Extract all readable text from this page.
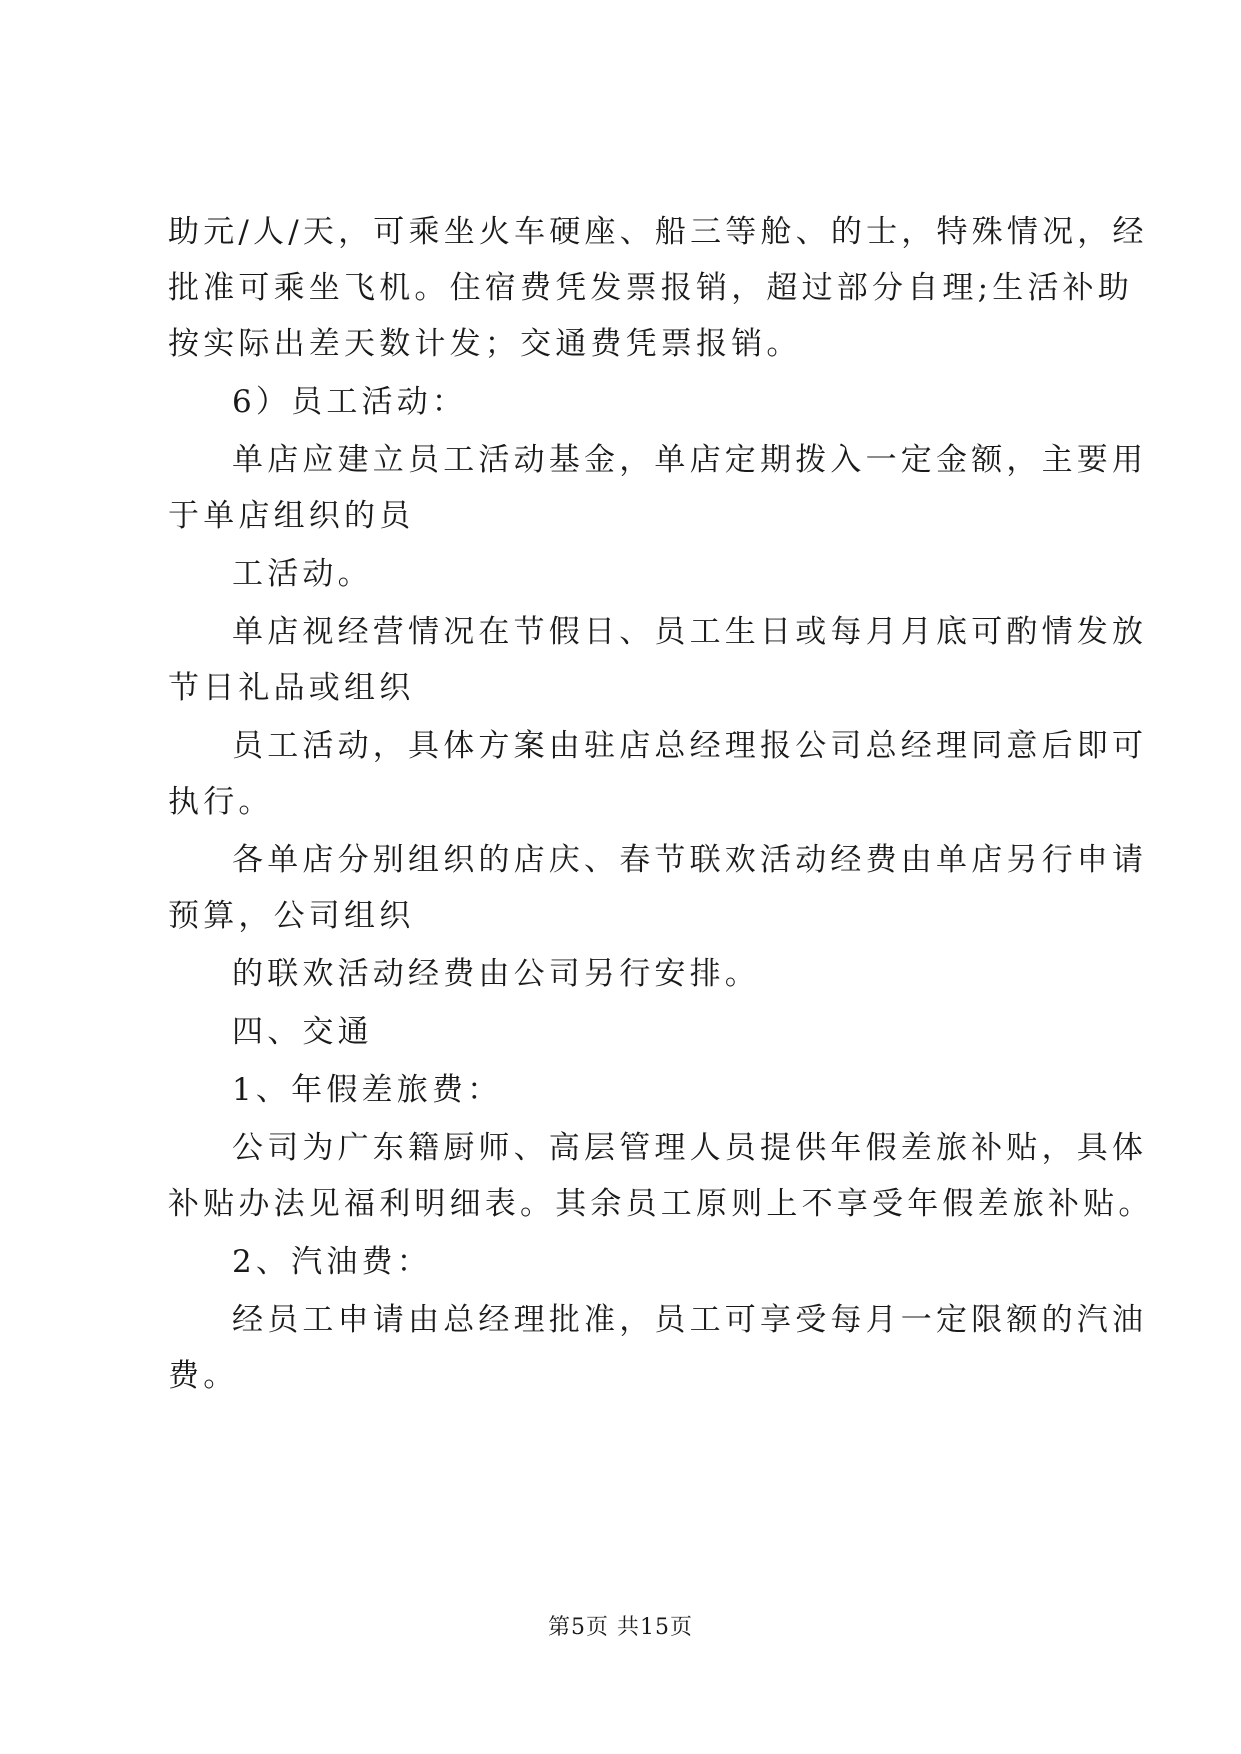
助元/人/天，可乘坐火车硬座、船三等舱、的士，特殊情况，经
批准可乘坐飞机。住宿费凭发票报销，超过部分自理;生活补助
按实际出差天数计发；交通费凭票报销。
6）员工活动：
单店应建立员工活动基金，单店定期拨入一定金额，主要用
于单店组织的员
工活动。
单店视经营情况在节假日、员工生日或每月月底可酌情发放
节日礼品或组织
员工活动，具体方案由驻店总经理报公司总经理同意后即可
执行。
各单店分别组织的店庆、春节联欢活动经费由单店另行申请
预算，公司组织
的联欢活动经费由公司另行安排。
四、交通
1、年假差旅费：
公司为广东籍厨师、高层管理人员提供年假差旅补贴，具体
补贴办法见福利明细表。其余员工原则上不享受年假差旅补贴。
2、汽油费：
经员工申请由总经理批准，员工可享受每月一定限额的汽油
费。
第5页 共15页
